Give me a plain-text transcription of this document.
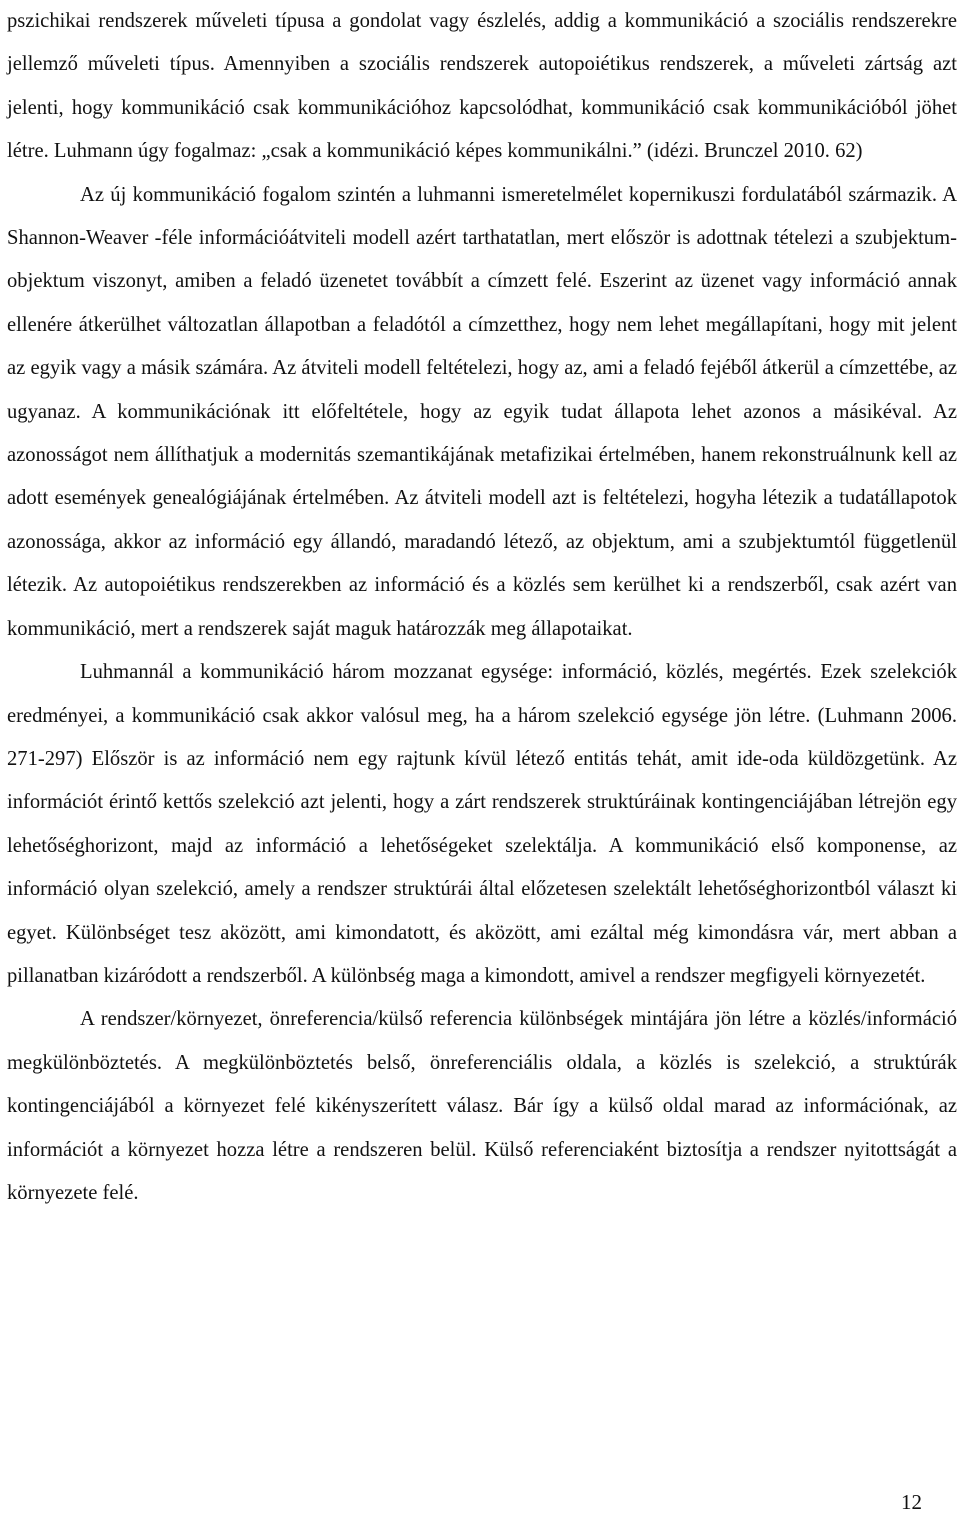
pszichikai rendszerek műveleti típusa a gondolat vagy észlelés, addig a kommunikáció a szociális rendszerekre jellemző műveleti típus. Amennyiben a szociális rendszerek autopoiétikus rendszerek, a műveleti zártság azt jelenti, hogy kommunikáció csak kommunikációhoz kapcsolódhat, kommunikáció csak kommunikációból jöhet létre. Luhmann úgy fogalmaz: „csak a kommunikáció képes kommunikálni.” (idézi. Brunczel 2010. 62)

Az új kommunikáció fogalom szintén a luhmanni ismeretelmélet kopernikuszi fordulatából származik. A Shannon-Weaver -féle információátviteli modell azért tarthatatlan, mert először is adottnak tételezi a szubjektum-objektum viszonyt, amiben a feladó üzenetet továbbít a címzett felé. Eszerint az üzenet vagy információ annak ellenére átkerülhet változatlan állapotban a feladótól a címzetthez, hogy nem lehet megállapítani, hogy mit jelent az egyik vagy a másik számára. Az átviteli modell feltételezi, hogy az, ami a feladó fejéből átkerül a címzettébe, az ugyanaz. A kommunikációnak itt előfeltétele, hogy az egyik tudat állapota lehet azonos a másikéval. Az azonosságot nem állíthatjuk a modernitás szemantikájának metafizikai értelmében, hanem rekonstruálnunk kell az adott események genealógiájának értelmében. Az átviteli modell azt is feltételezi, hogyha létezik a tudatállapotok azonossága, akkor az információ egy állandó, maradandó létező, az objektum, ami a szubjektumtól függetlenül létezik. Az autopoiétikus rendszerekben az információ és a közlés sem kerülhet ki a rendszerből, csak azért van kommunikáció, mert a rendszerek saját maguk határozzák meg állapotaikat.

Luhmannál a kommunikáció három mozzanat egysége: információ, közlés, megértés. Ezek szelekciók eredményei, a kommunikáció csak akkor valósul meg, ha a három szelekció egysége jön létre. (Luhmann 2006. 271-297) Először is az információ nem egy rajtunk kívül létező entitás tehát, amit ide-oda küldözgetünk. Az információt érintő kettős szelekció azt jelenti, hogy a zárt rendszerek struktúráinak kontingenciájában létrejön egy lehetőséghorizont, majd az információ a lehetőségeket szelektálja. A kommunikáció első komponense, az információ olyan szelekció, amely a rendszer struktúrái által előzetesen szelektált lehetőséghorizontból választ ki egyet. Különbséget tesz aközött, ami kimondatott, és aközött, ami ezáltal még kimondásra vár, mert abban a pillanatban kizáródott a rendszerből. A különbség maga a kimondott, amivel a rendszer megfigyeli környezetét.

A rendszer/környezet, önreferencia/külső referencia különbségek mintájára jön létre a közlés/információ megkülönböztetés. A megkülönböztetés belső, önreferenciális oldala, a közlés is szelekció, a struktúrák kontingenciájából a környezet felé kikényszerített válasz. Bár így a külső oldal marad az információnak, az információt a környezet hozza létre a rendszeren belül. Külső referenciaként biztosítja a rendszer nyitottságát a környezete felé.

12
